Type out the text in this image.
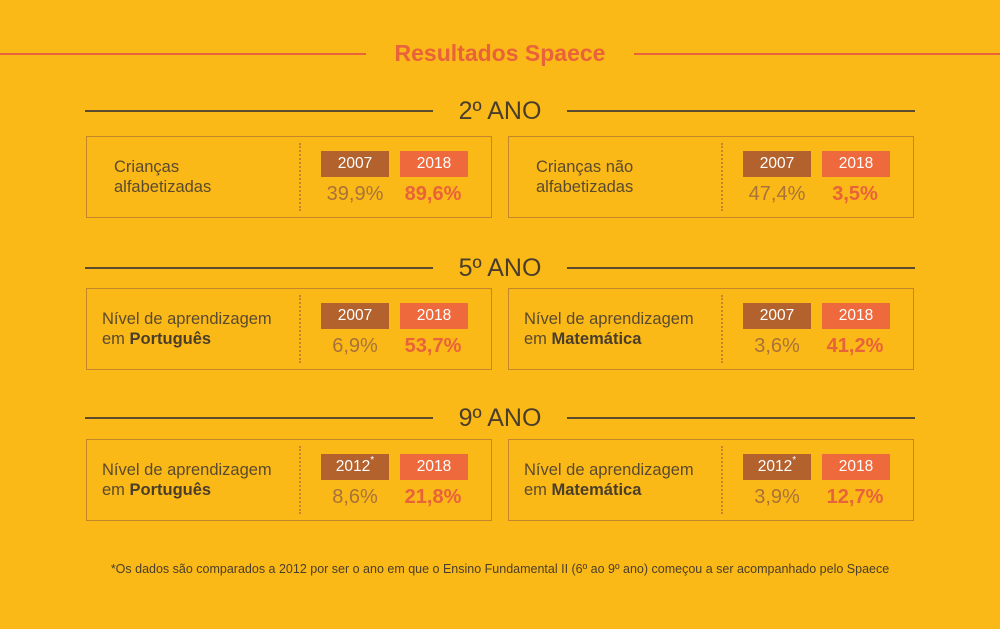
Resultados Spaece
2º ANO
Crianças
alfabetizadas
2007	2018
39,9%	89,6%
Crianças não
alfabetizadas
2007	2018
47,4%	3,5%
5º ANO
Nível de aprendizagem
em Português
2007	2018
6,9%	53,7%
Nível de aprendizagem
em Matemática
2007	2018
3,6%	41,2%
9º ANO
Nível de aprendizagem
em Português
2012*	2018
8,6%	21,8%
Nível de aprendizagem
em Matemática
2012*	2018
3,9%	12,7%
*Os dados são comparados a 2012 por ser o ano em que o Ensino Fundamental II (6º ao 9º ano) começou a ser acompanhado pelo Spaece
